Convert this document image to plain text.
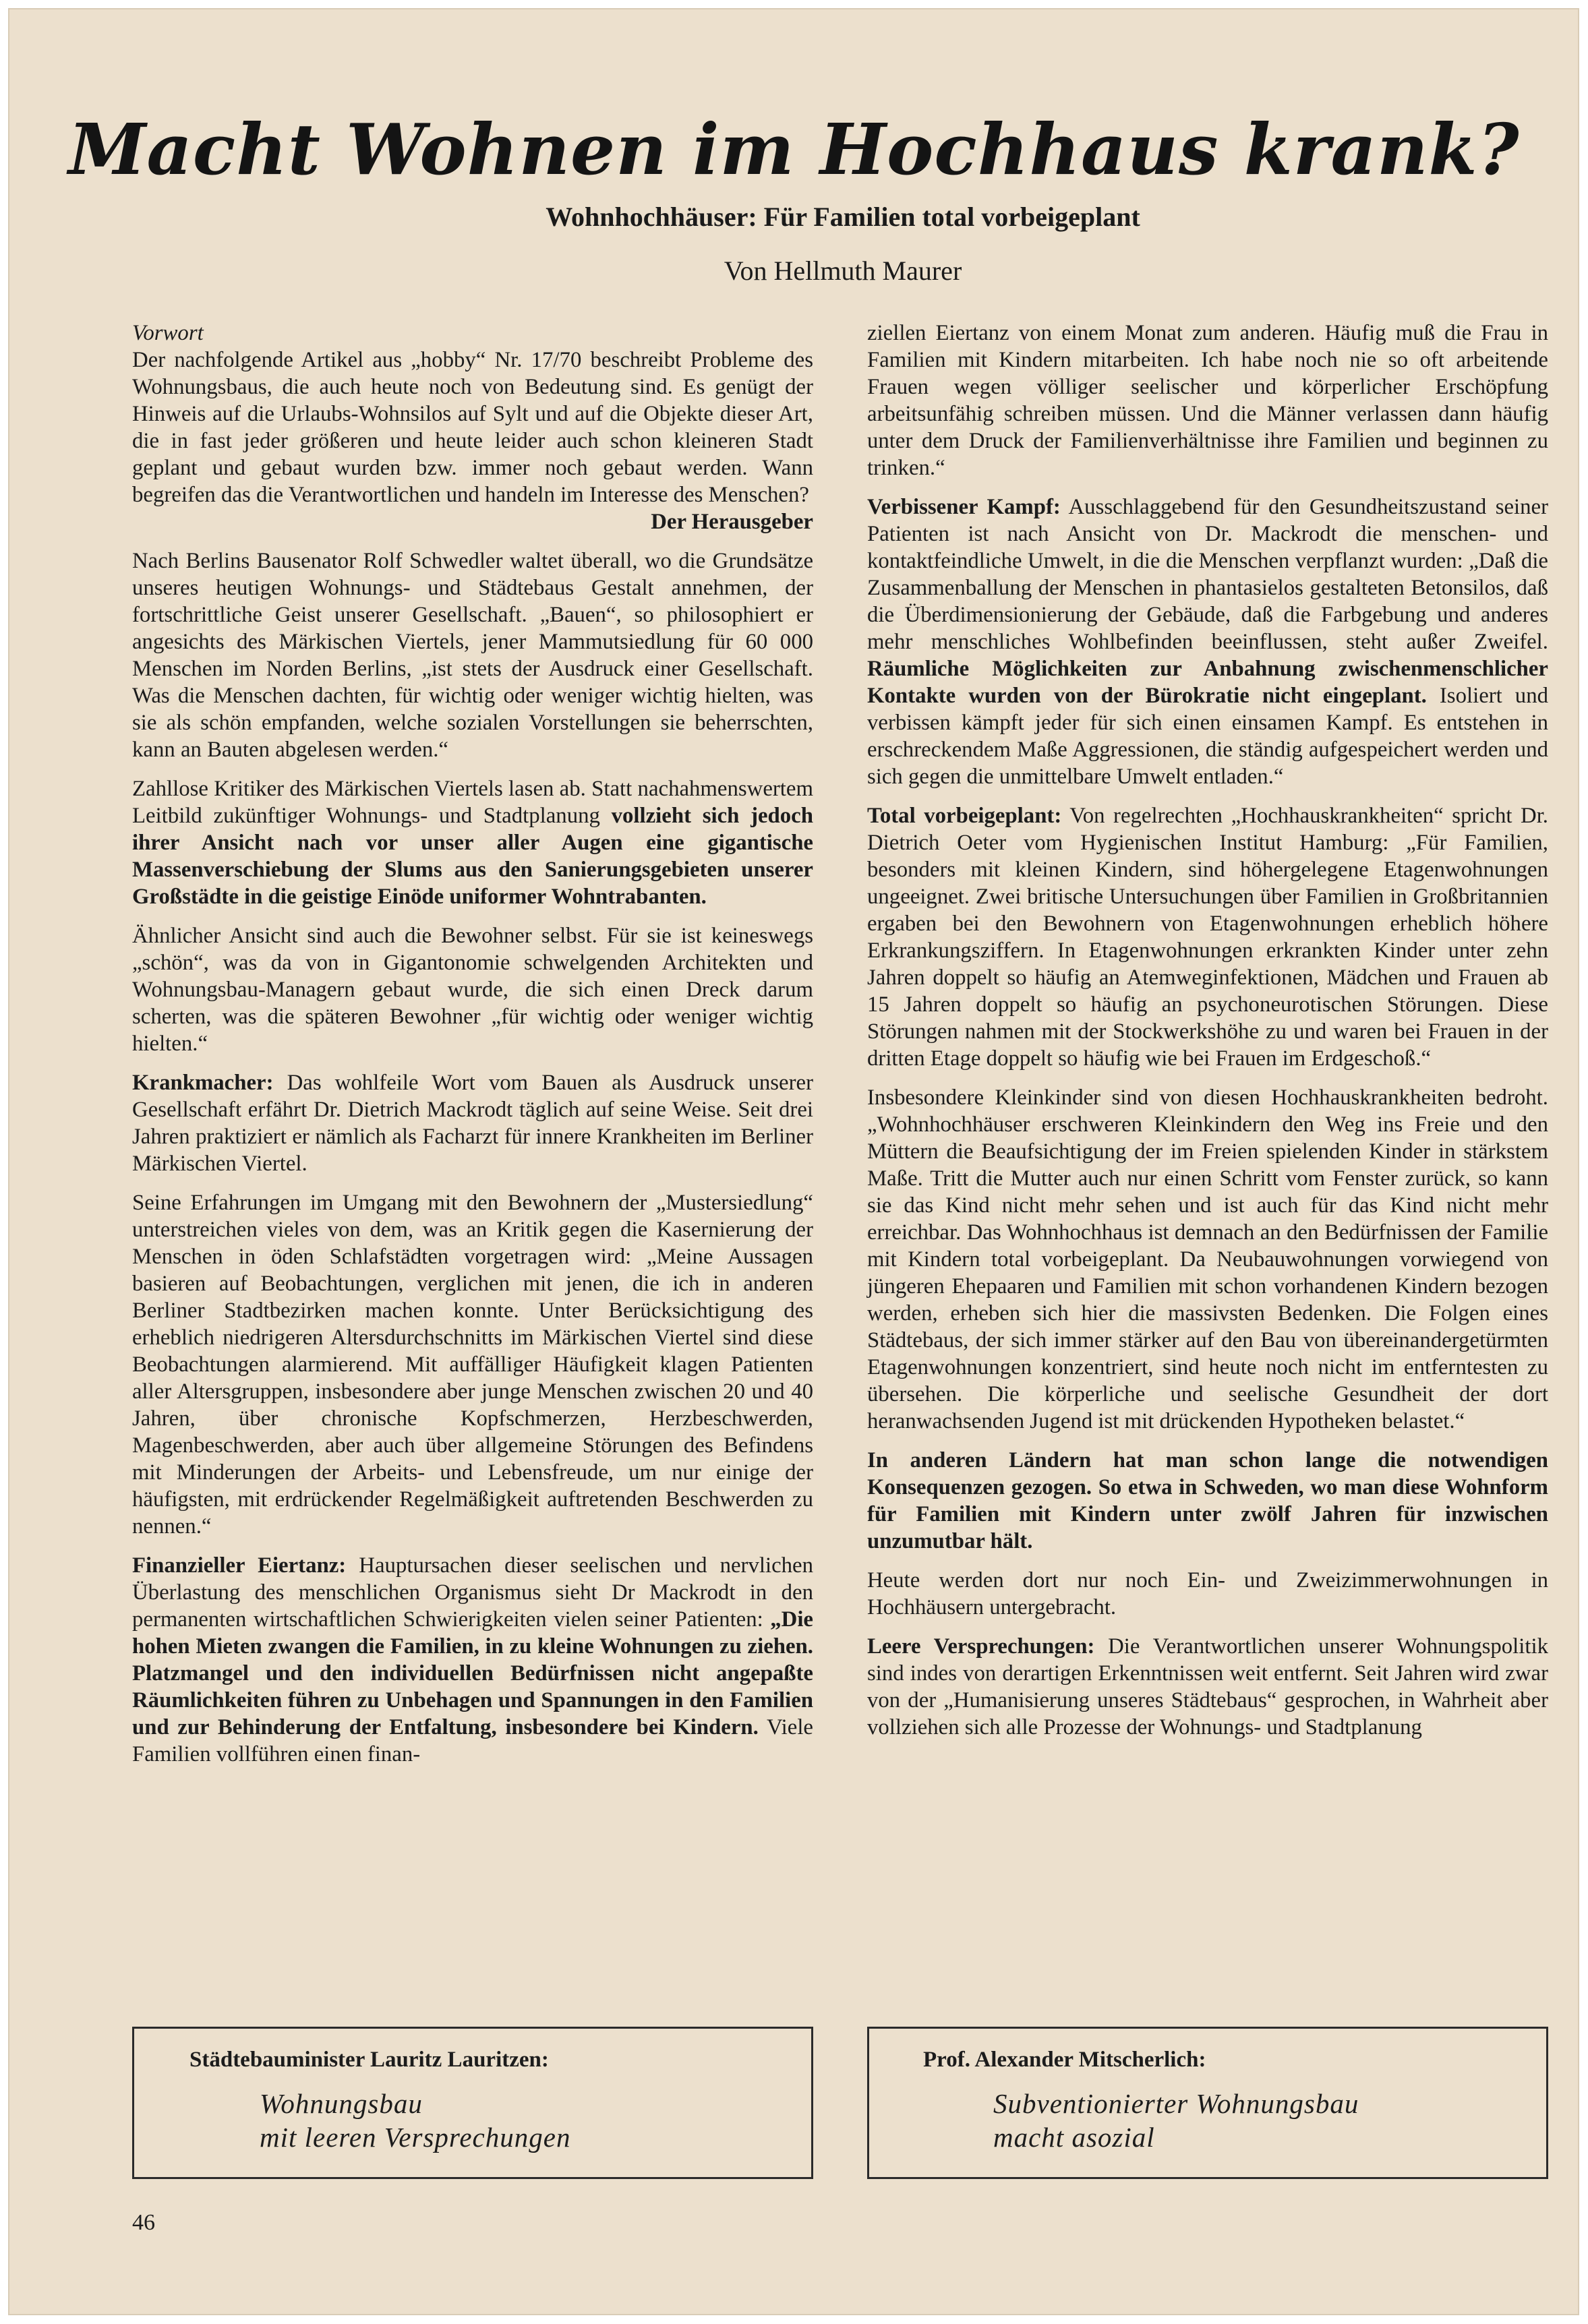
Macht Wohnen im Hochhaus krank?
Wohnhochhäuser: Für Familien total vorbeigeplant
Von Hellmuth Maurer

Vorwort

Der nachfolgende Artikel aus „hobby“ Nr. 17/70 beschreibt Probleme des Wohnungsbaus, die auch heute noch von Bedeutung sind. Es genügt der Hinweis auf die Urlaubs-Wohnsilos auf Sylt und auf die Objekte dieser Art, die in fast jeder größeren und heute leider auch schon kleineren Stadt geplant und gebaut wurden bzw. immer noch gebaut werden. Wann begreifen das die Verantwortlichen und handeln im Interesse des Menschen?

Der Herausgeber

Nach Berlins Bausenator Rolf Schwedler waltet überall, wo die Grundsätze unseres heutigen Wohnungs- und Städtebaus Gestalt annehmen, der fortschrittliche Geist unserer Gesellschaft. „Bauen“, so philosophiert er angesichts des Märkischen Viertels, jener Mammutsiedlung für 60 000 Menschen im Norden Berlins, „ist stets der Ausdruck einer Gesellschaft. Was die Menschen dachten, für wichtig oder weniger wichtig hielten, was sie als schön empfanden, welche sozialen Vorstellungen sie beherrschten, kann an Bauten abgelesen werden.“

Zahllose Kritiker des Märkischen Viertels lasen ab. Statt nachahmenswertem Leitbild zukünftiger Wohnungs- und Stadtplanung vollzieht sich jedoch ihrer Ansicht nach vor unser aller Augen eine gigantische Massenverschiebung der Slums aus den Sanierungsgebieten unserer Großstädte in die geistige Einöde uniformer Wohntrabanten.

Ähnlicher Ansicht sind auch die Bewohner selbst. Für sie ist keineswegs „schön“, was da von in Gigantonomie schwelgenden Architekten und Wohnungsbau-Managern gebaut wurde, die sich einen Dreck darum scherten, was die späteren Bewohner „für wichtig oder weniger wichtig hielten.“

Krankmacher: Das wohlfeile Wort vom Bauen als Ausdruck unserer Gesellschaft erfährt Dr. Dietrich Mackrodt täglich auf seine Weise. Seit drei Jahren praktiziert er nämlich als Facharzt für innere Krankheiten im Berliner Märkischen Viertel.

Seine Erfahrungen im Umgang mit den Bewohnern der „Mustersiedlung“ unterstreichen vieles von dem, was an Kritik gegen die Kasernierung der Menschen in öden Schlafstädten vorgetragen wird: „Meine Aussagen basieren auf Beobachtungen, verglichen mit jenen, die ich in anderen Berliner Stadtbezirken machen konnte. Unter Berücksichtigung des erheblich niedrigeren Altersdurchschnitts im Märkischen Viertel sind diese Beobachtungen alarmierend. Mit auffälliger Häufigkeit klagen Patienten aller Altersgruppen, insbesondere aber junge Menschen zwischen 20 und 40 Jahren, über chronische Kopfschmerzen, Herzbeschwerden, Magenbeschwerden, aber auch über allgemeine Störungen des Befindens mit Minderungen der Arbeits- und Lebensfreude, um nur einige der häufigsten, mit erdrückender Regelmäßigkeit auftretenden Beschwerden zu nennen.“

Finanzieller Eiertanz: Hauptursachen dieser seelischen und nervlichen Überlastung des menschlichen Organismus sieht Dr Mackrodt in den permanenten wirtschaftlichen Schwierigkeiten vielen seiner Patienten: „Die hohen Mieten zwangen die Familien, in zu kleine Wohnungen zu ziehen. Platzmangel und den individuellen Bedürfnissen nicht angepaßte Räumlichkeiten führen zu Unbehagen und Spannungen in den Familien und zur Behinderung der Entfaltung, insbesondere bei Kindern. Viele Familien vollführen einen finan-

ziellen Eiertanz von einem Monat zum anderen. Häufig muß die Frau in Familien mit Kindern mitarbeiten. Ich habe noch nie so oft arbeitende Frauen wegen völliger seelischer und körperlicher Erschöpfung arbeitsunfähig schreiben müssen. Und die Männer verlassen dann häufig unter dem Druck der Familienverhältnisse ihre Familien und beginnen zu trinken.“

Verbissener Kampf: Ausschlaggebend für den Gesundheitszustand seiner Patienten ist nach Ansicht von Dr. Mackrodt die menschen- und kontaktfeindliche Umwelt, in die die Menschen verpflanzt wurden: „Daß die Zusammenballung der Menschen in phantasielos gestalteten Betonsilos, daß die Überdimensionierung der Gebäude, daß die Farbgebung und anderes mehr menschliches Wohlbefinden beeinflussen, steht außer Zweifel. Räumliche Möglichkeiten zur Anbahnung zwischenmenschlicher Kontakte wurden von der Bürokratie nicht eingeplant. Isoliert und verbissen kämpft jeder für sich einen einsamen Kampf. Es entstehen in erschreckendem Maße Aggressionen, die ständig aufgespeichert werden und sich gegen die unmittelbare Umwelt entladen.“

Total vorbeigeplant: Von regelrechten „Hochhauskrankheiten“ spricht Dr. Dietrich Oeter vom Hygienischen Institut Hamburg: „Für Familien, besonders mit kleinen Kindern, sind höhergelegene Etagenwohnungen ungeeignet. Zwei britische Untersuchungen über Familien in Großbritannien ergaben bei den Bewohnern von Etagenwohnungen erheblich höhere Erkrankungsziffern. In Etagenwohnungen erkrankten Kinder unter zehn Jahren doppelt so häufig an Atemweginfektionen, Mädchen und Frauen ab 15 Jahren doppelt so häufig an psychoneurotischen Störungen. Diese Störungen nahmen mit der Stockwerkshöhe zu und waren bei Frauen in der dritten Etage doppelt so häufig wie bei Frauen im Erdgeschoß.“

Insbesondere Kleinkinder sind von diesen Hochhauskrankheiten bedroht. „Wohnhochhäuser erschweren Kleinkindern den Weg ins Freie und den Müttern die Beaufsichtigung der im Freien spielenden Kinder in stärkstem Maße. Tritt die Mutter auch nur einen Schritt vom Fenster zurück, so kann sie das Kind nicht mehr sehen und ist auch für das Kind nicht mehr erreichbar. Das Wohnhochhaus ist demnach an den Bedürfnissen der Familie mit Kindern total vorbeigeplant. Da Neubauwohnungen vorwiegend von jüngeren Ehepaaren und Familien mit schon vorhandenen Kindern bezogen werden, erheben sich hier die massivsten Bedenken. Die Folgen eines Städtebaus, der sich immer stärker auf den Bau von übereinandergetürmten Etagenwohnungen konzentriert, sind heute noch nicht im entferntesten zu übersehen. Die körperliche und seelische Gesundheit der dort heranwachsenden Jugend ist mit drückenden Hypotheken belastet.“

In anderen Ländern hat man schon lange die notwendigen Konsequenzen gezogen. So etwa in Schweden, wo man diese Wohnform für Familien mit Kindern unter zwölf Jahren für inzwischen unzumutbar hält.

Heute werden dort nur noch Ein- und Zweizimmerwohnungen in Hochhäusern untergebracht.

Leere Versprechungen: Die Verantwortlichen unserer Wohnungspolitik sind indes von derartigen Erkenntnissen weit entfernt. Seit Jahren wird zwar von der „Humanisierung unseres Städtebaus“ gesprochen, in Wahrheit aber vollziehen sich alle Prozesse der Wohnungs- und Stadtplanung

Städtebauminister Lauritz Lauritzen:
Wohnungsbau
mit leeren Versprechungen
Prof. Alexander Mitscherlich:
Subventionierter Wohnungsbau
macht asozial
46
